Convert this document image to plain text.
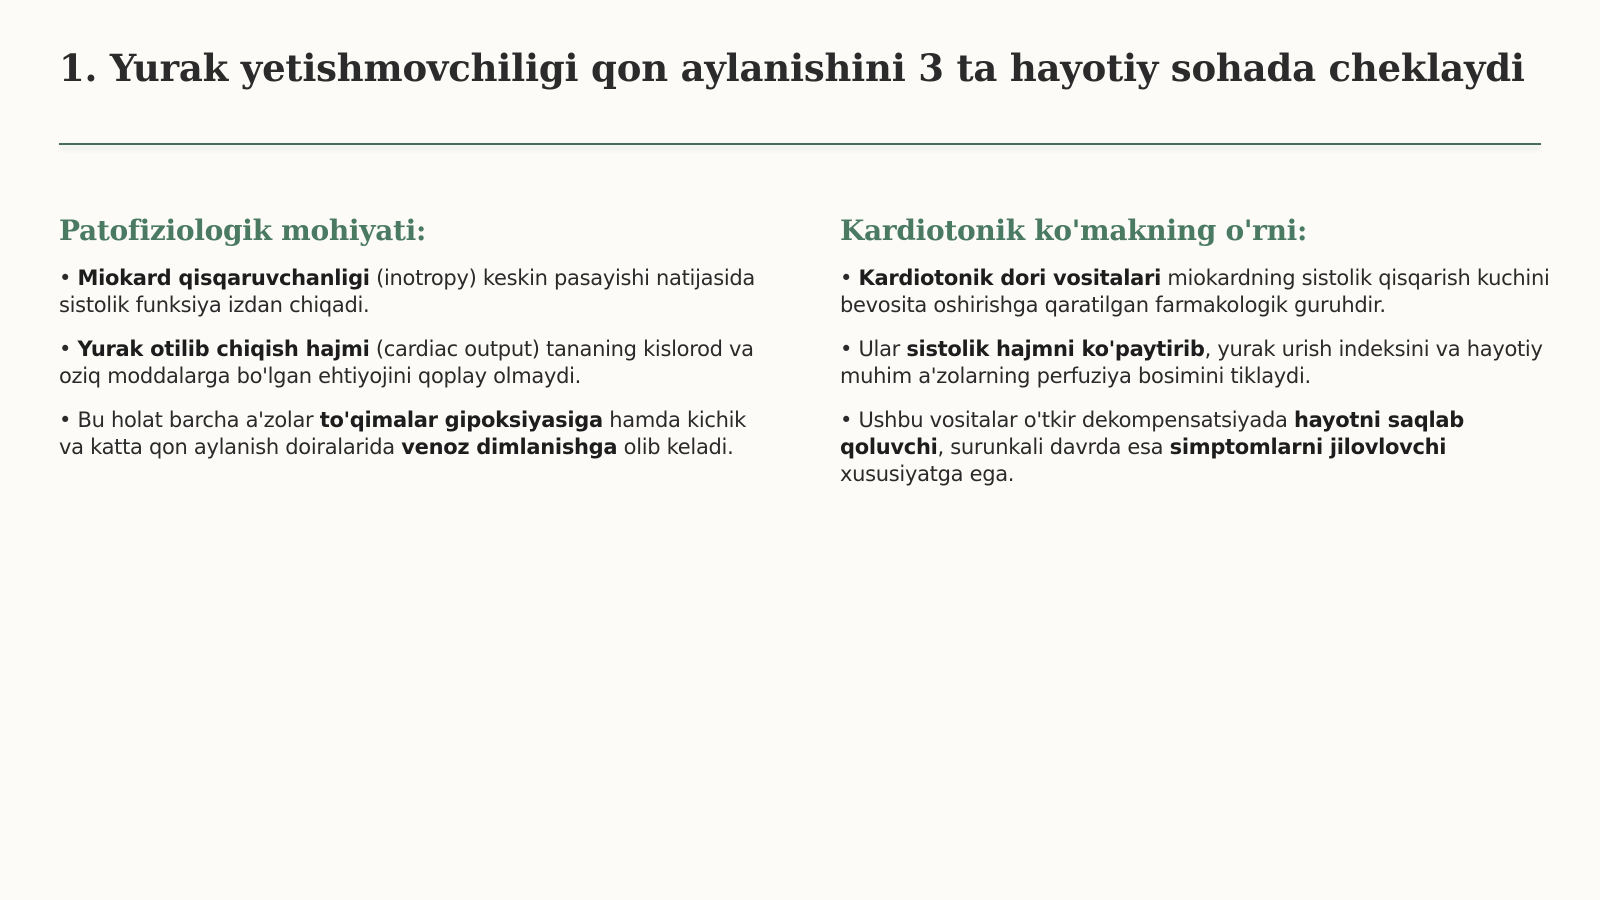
1. Yurak yetishmovchiligi qon aylanishini 3 ta hayotiy sohada cheklaydi
Patofiziologik mohiyati:
• Miokard qisqaruvchanligi (inotropy) keskin pasayishi natijasida sistolik funksiya izdan chiqadi.
• Yurak otilib chiqish hajmi (cardiac output) tananing kislorod va oziq moddalarga bo'lgan ehtiyojini qoplay olmaydi.
• Bu holat barcha a'zolar to'qimalar gipoksiyasiga hamda kichik va katta qon aylanish doiralarida venoz dimlanishga olib keladi.
Kardiotonik ko'makning o'rni:
• Kardiotonik dori vositalari miokardning sistolik qisqarish kuchini bevosita oshirishga qaratilgan farmakologik guruhdir.
• Ular sistolik hajmni ko'paytirib, yurak urish indeksini va hayotiy muhim a'zolarning perfuziya bosimini tiklaydi.
• Ushbu vositalar o'tkir dekompensatsiyada hayotni saqlab qoluvchi, surunkali davrda esa simptomlarni jilovlovchi xususiyatga ega.
